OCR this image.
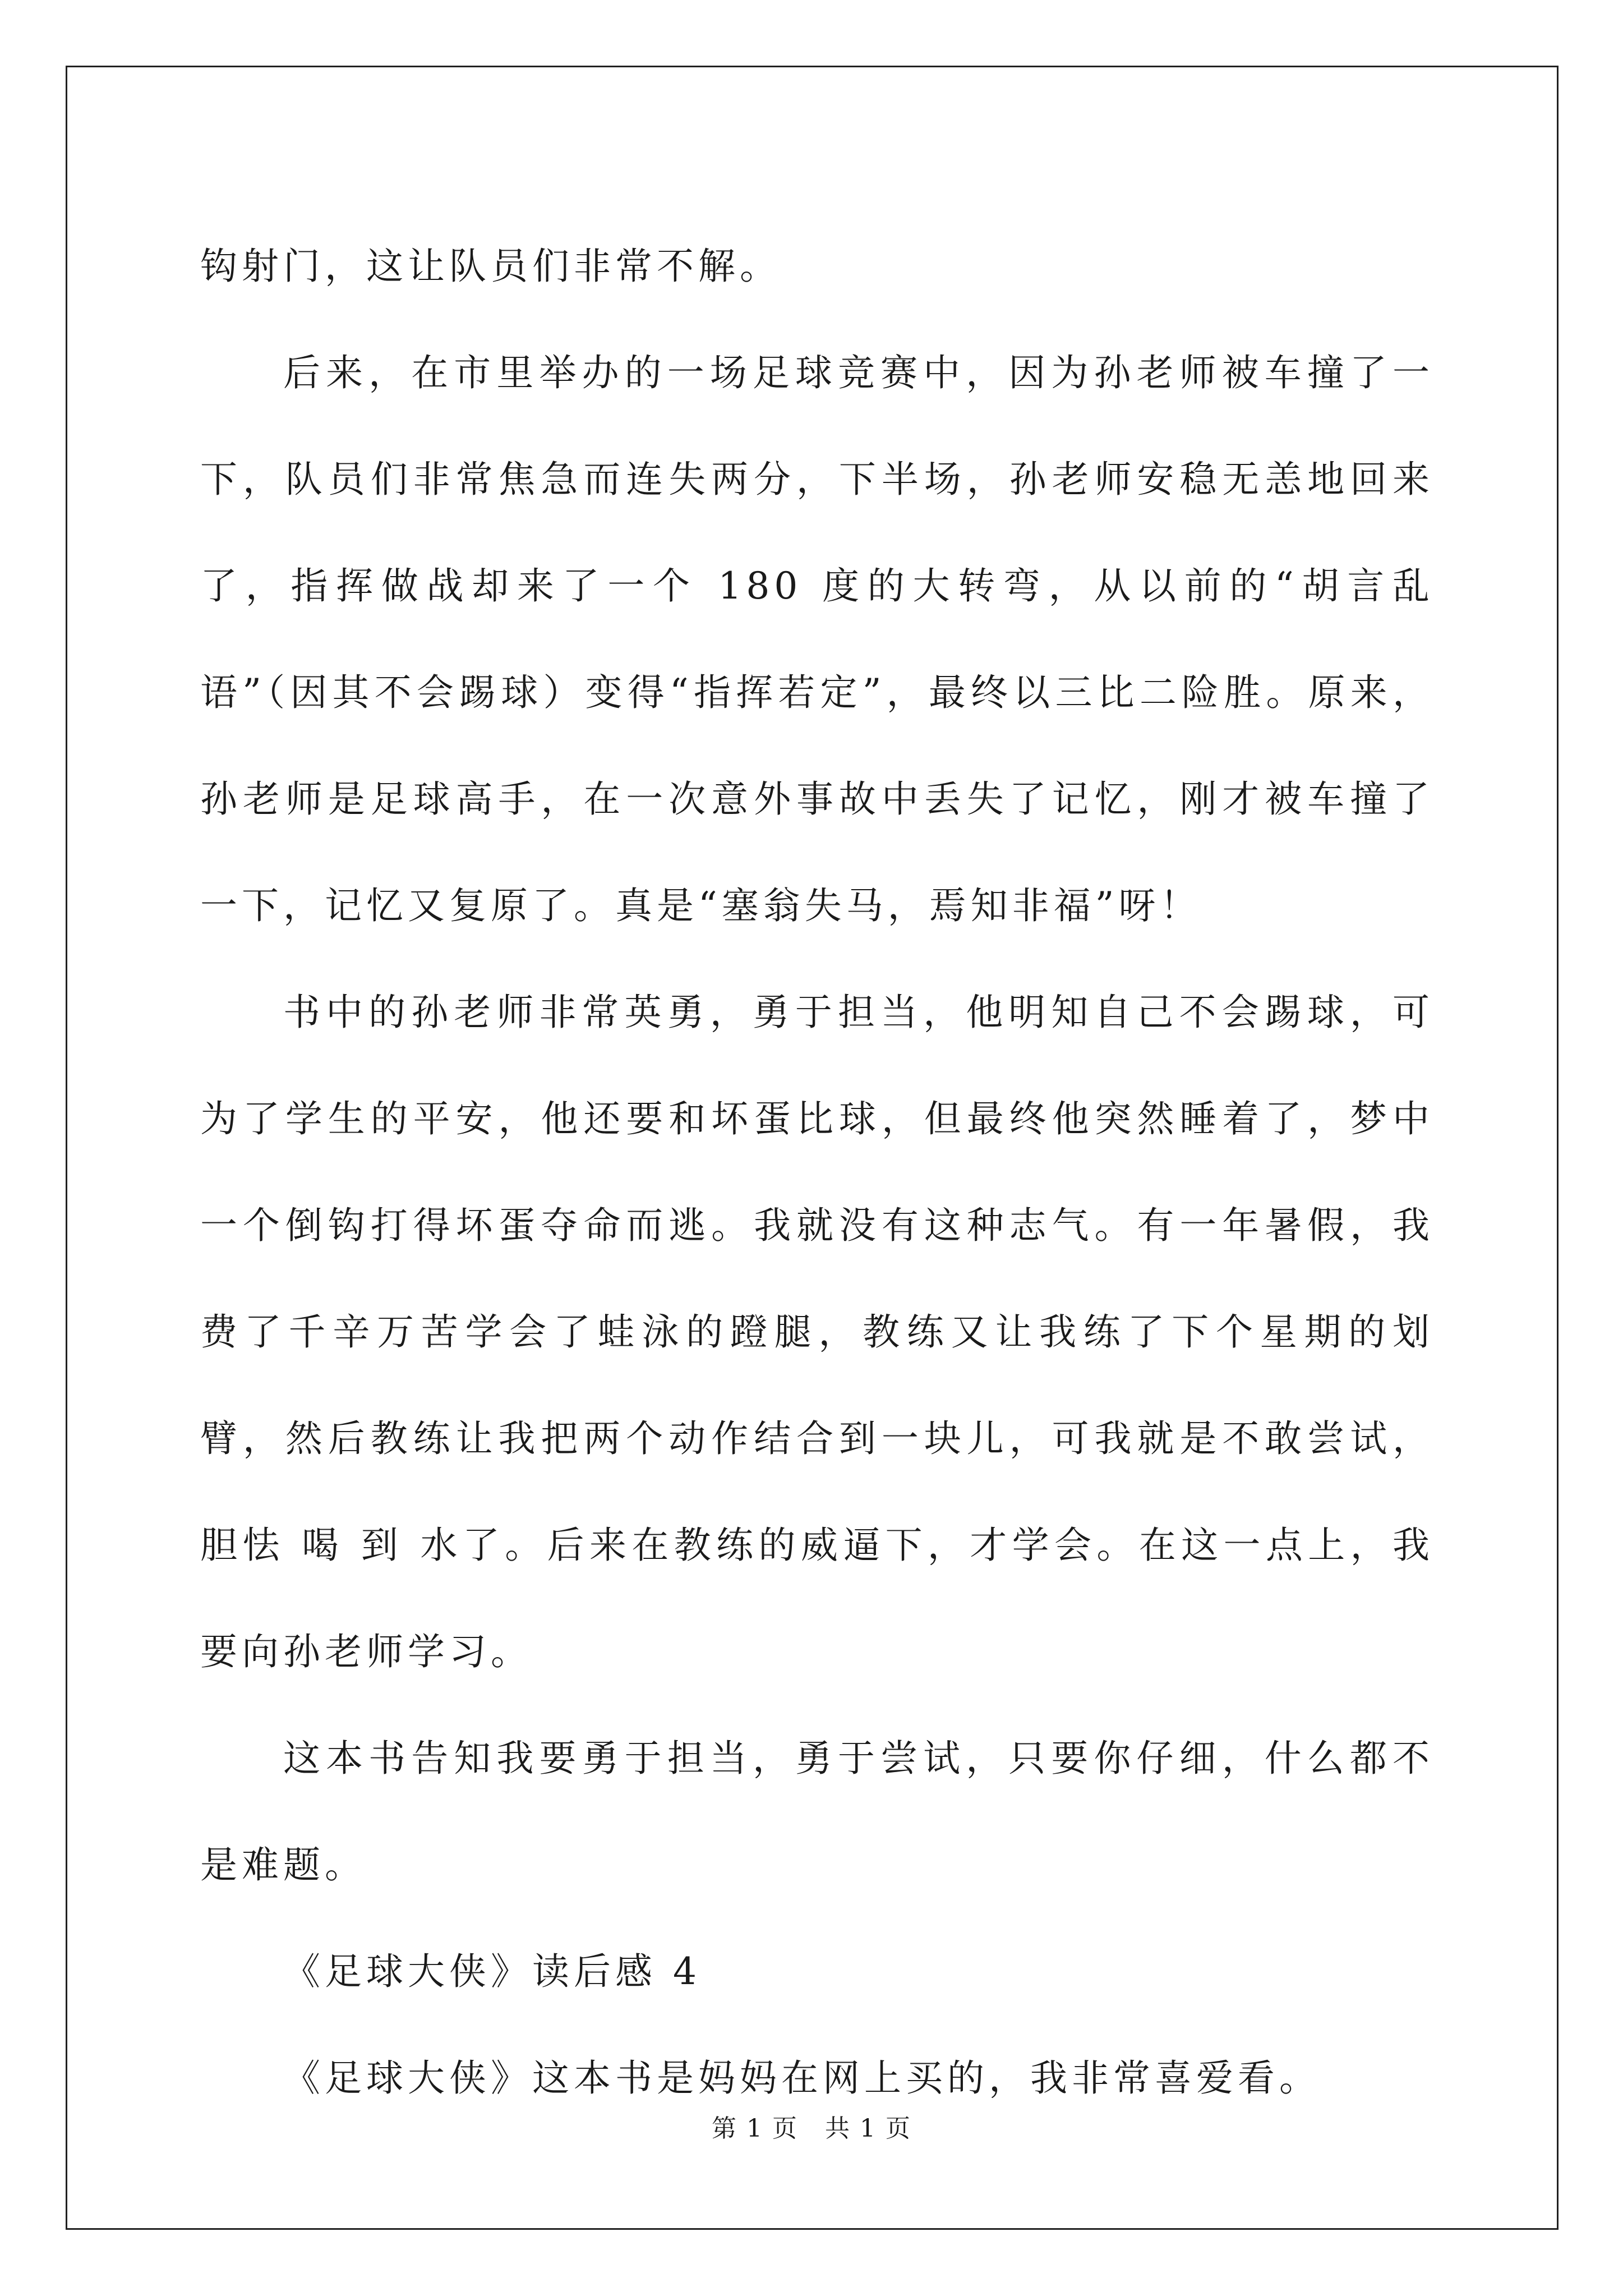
钩射门，这让队员们非常不解。

后来，在市里举办的一场足球竞赛中，因为孙老师被车撞了一下，队员们非常焦急而连失两分，下半场，孙老师安稳无恙地回来了，指挥做战却来了一个 180 度的大转弯，从以前的“胡言乱语”（因其不会踢球）变得“指挥若定”，最终以三比二险胜。原来，孙老师是足球高手，在一次意外事故中丢失了记忆，刚才被车撞了一下，记忆又复原了。真是“塞翁失马，焉知非福”呀！

书中的孙老师非常英勇，勇于担当，他明知自己不会踢球，可为了学生的平安，他还要和坏蛋比球，但最终他突然睡着了，梦中一个倒钩打得坏蛋夺命而逃。我就没有这种志气。有一年暑假，我费了千辛万苦学会了蛙泳的蹬腿，教练又让我练了下个星期的划臂，然后教练让我把两个动作结合到一块儿，可我就是不敢尝试，胆怯 喝 到 水了。后来在教练的威逼下，才学会。在这一点上，我要向孙老师学习。

这本书告知我要勇于担当，勇于尝试，只要你仔细，什么都不是难题。

《足球大侠》读后感 4

《足球大侠》这本书是妈妈在网上买的，我非常喜爱看。

第 1 页 共 1 页
